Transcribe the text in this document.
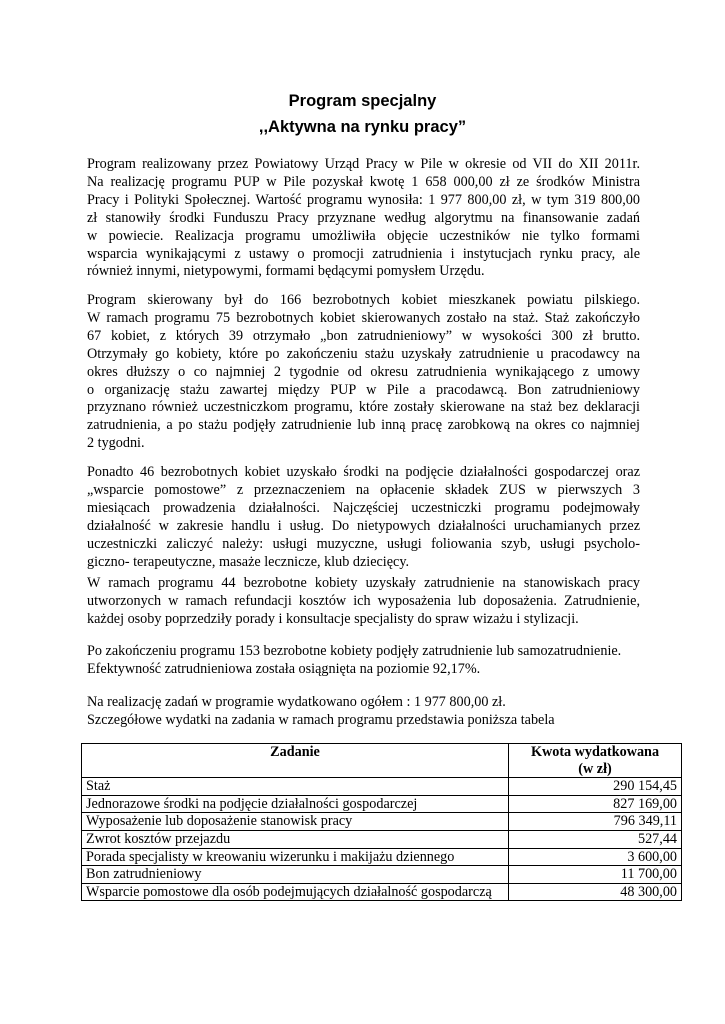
Program specjalny
,,Aktywna na rynku pracy”
Program realizowany przez Powiatowy Urząd Pracy w Pile w okresie od VII do XII 2011r.
Na realizację programu PUP w Pile pozyskał kwotę 1 658 000,00 zł ze środków Ministra
Pracy i Polityki Społecznej. Wartość programu wynosiła: 1 977 800,00 zł, w tym 319 800,00
zł stanowiły środki Funduszu Pracy przyznane według algorytmu na finansowanie zadań
w powiecie. Realizacja programu umożliwiła objęcie uczestników nie tylko formami
wsparcia wynikającymi z ustawy o promocji zatrudnienia i instytucjach rynku pracy, ale
również innymi, nietypowymi, formami będącymi pomysłem Urzędu.
Program skierowany był do 166 bezrobotnych kobiet mieszkanek powiatu pilskiego.
W ramach programu 75 bezrobotnych kobiet skierowanych zostało na staż. Staż zakończyło
67 kobiet, z których 39 otrzymało „bon zatrudnieniowy” w wysokości 300 zł brutto.
Otrzymały go kobiety, które po zakończeniu stażu uzyskały zatrudnienie u pracodawcy na
okres dłuższy o co najmniej 2 tygodnie od okresu zatrudnienia wynikającego z umowy
o organizację stażu zawartej między PUP w Pile a pracodawcą. Bon zatrudnieniowy
przyznano również uczestniczkom programu, które zostały skierowane na staż bez deklaracji
zatrudnienia, a po stażu podjęły zatrudnienie lub inną pracę zarobkową na okres co najmniej
2 tygodni.
Ponadto 46 bezrobotnych kobiet uzyskało środki na podjęcie działalności gospodarczej oraz
„wsparcie pomostowe” z przeznaczeniem na opłacenie składek ZUS w pierwszych 3
miesiącach prowadzenia działalności. Najczęściej uczestniczki programu podejmowały
działalność w zakresie handlu i usług. Do nietypowych działalności uruchamianych przez
uczestniczki zaliczyć należy: usługi muzyczne, usługi foliowania szyb, usługi psycholo-
giczno- terapeutyczne, masaże lecznicze, klub dziecięcy.
W ramach programu 44 bezrobotne kobiety uzyskały zatrudnienie na stanowiskach pracy
utworzonych w ramach refundacji kosztów ich wyposażenia lub doposażenia. Zatrudnienie,
każdej osoby poprzedziły porady i konsultacje specjalisty do spraw wizażu i stylizacji.
Po zakończeniu programu 153 bezrobotne kobiety podjęły zatrudnienie lub samozatrudnienie.
Efektywność zatrudnieniowa została osiągnięta na poziomie 92,17%.
Na realizację zadań w programie wydatkowano ogółem : 1 977 800,00 zł.
Szczegółowe wydatki na zadania w ramach programu przedstawia poniższa tabela
Zadanie	Kwota wydatkowana
(w zł)

Staż	290 154,45
Jednorazowe środki na podjęcie działalności gospodarczej	827 169,00
Wyposażenie lub doposażenie stanowisk pracy	796 349,11
Zwrot kosztów przejazdu	527,44
Porada specjalisty w kreowaniu wizerunku i makijażu dziennego	3 600,00
Bon zatrudnieniowy	11 700,00
Wsparcie pomostowe dla osób podejmujących działalność gospodarczą	48 300,00
